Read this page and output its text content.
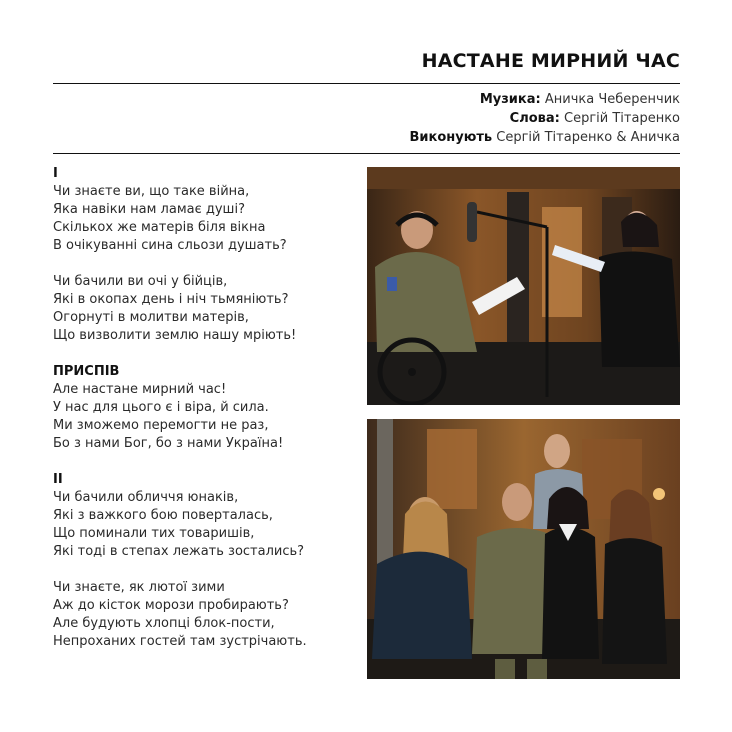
НАСТАНЕ МИРНИЙ ЧАС
Музика: Аничка Чеберенчик
Слова: Сергій Тітаренко
Виконують Сергій Тітаренко & Аничка
І
Чи знаєте ви, що таке війна,
Яка навіки нам ламає душі?
Скількох же матерів біля вікна
В очікуванні сина сльози душать?
Чи бачили ви очі у бійців,
Які в окопах день і ніч тьмяніють?
Огорнуті в молитви матерів,
Що визволити землю нашу мріють!
ПРИСПІВ
Але настане мирний час!
У нас для цього є і віра, й сила.
Ми зможемо перемогти не раз,
Бо з нами Бог, бо з нами Україна!
ІІ
Чи бачили обличчя юнаків,
Які з важкого бою поверталась,
Що поминали тих товаришів,
Які тоді в степах лежать зостались?
Чи знаєте, як лютої зими
Аж до кісток морози пробирають?
Але будують хлопці блок-пости,
Непроханих гостей там зустрічають.
